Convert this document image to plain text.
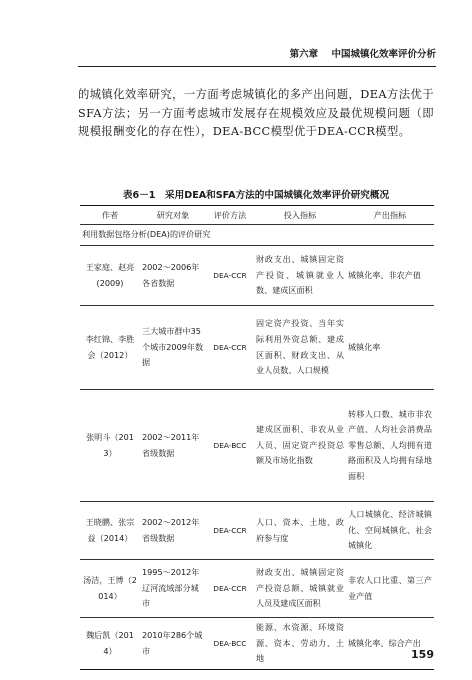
第六章 中国城镇化效率评价分析
的城镇化效率研究，一方面考虑城镇化的多产出问题，DEA方法优于SFA方法；另一方面考虑城市发展存在规模效应及最优规模问题（即规模报酬变化的存在性），DEA-BCC模型优于DEA-CCR模型。
表6－1　采用DEA和SFA方法的中国城镇化效率评价研究概况
作者	研究对象	评价方法	投入指标	产出指标
利用数据包络分析(DEA)的评价研究				
王家庭、赵亮(2009)	2002～2006年各省数据	DEA-CCR	财政支出、城镇固定资产投资、城镇就业人数、建成区面积	城镇化率、非农产值
李红锦、李胜会（2012）	三大城市群中35个城市2009年数据	DEA-CCR	固定资产投资、当年实际利用外资总额、建成区面积、财政支出、从业人员数、人口规模	城镇化率
张明斗（2013）	2002～2011年省级数据	DEA-BCC	建成区面积、非农从业人员、固定资产投资总额及市场化指数	转移人口数、城市非农产值、人均社会消费品零售总额、人均拥有道路面积及人均拥有绿地面积
王晓鹏、张宗益（2014）	2002～2012年省级数据	DEA-CCR	人口、资本、土地、政府参与度	人口城镇化、经济城镇化、空间城镇化、社会城镇化
汤洁，王博（2014）	1995～2012年辽河流域部分城市	DEA-CCR	财政支出、城镇固定资产投资总额、城镇就业人员及建成区面积	非农人口比重、第三产业产值
魏后凯（2014）	2010年286个城市	DEA-BCC	能源、水资源、环境资源、资本、劳动力、土地	城镇化率、综合产出
159
